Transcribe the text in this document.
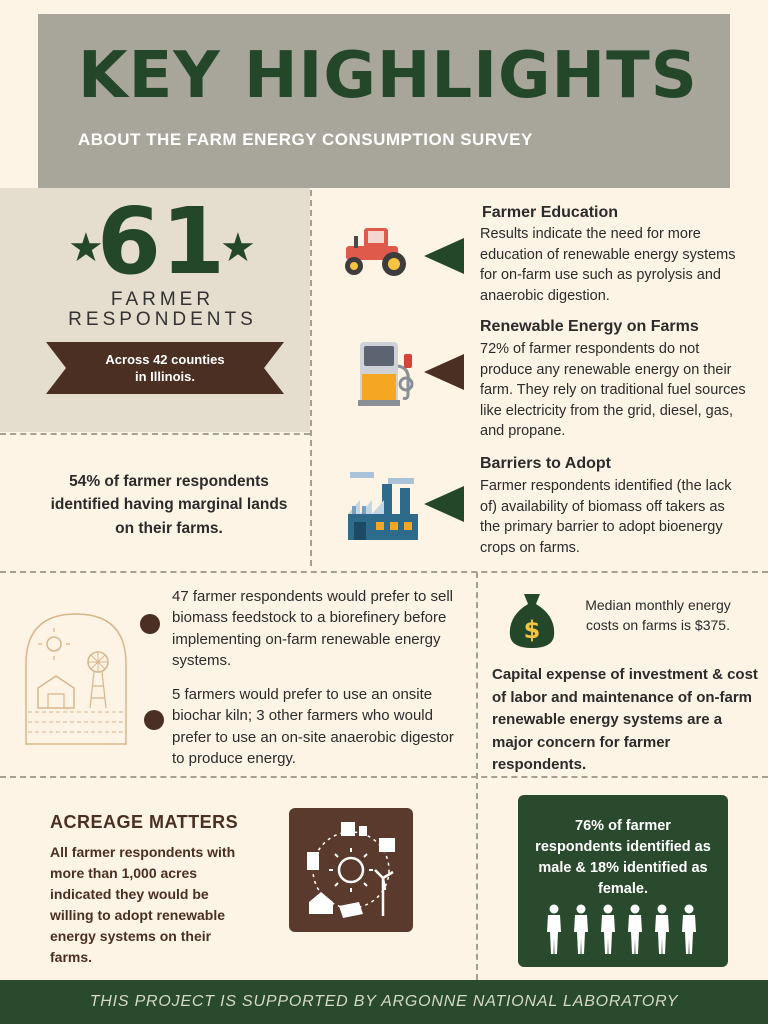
KEY HIGHLIGHTS
ABOUT THE FARM ENERGY CONSUMPTION SURVEY
★
61
★
FARMER
RESPONDENTS
Across 42 counties
in Illinois.
54% of farmer respondents identified having marginal lands on their farms.
Farmer Education
Results indicate the need for more education of renewable energy systems for on-farm use such as pyrolysis and anaerobic digestion.
Renewable Energy on Farms
72% of farmer respondents do not produce any renewable energy on their farm. They rely on traditional fuel sources like electricity from the grid, diesel, gas, and propane.
Barriers to Adopt
Farmer respondents identified (the lack of) availability of biomass off takers as the primary barrier to adopt bioenergy crops on farms.
47 farmer respondents would prefer to sell biomass feedstock to a biorefinery before implementing on-farm renewable energy systems.
5 farmers would prefer to use an onsite biochar kiln; 3 other farmers who would prefer to use an on-site anaerobic digestor to produce energy.
$
Median monthly energy costs on farms is $375.
Capital expense of investment & cost of labor and maintenance of on-farm renewable energy systems are a major concern for farmer respondents.
ACREAGE MATTERS
All farmer respondents with more than 1,000 acres indicated they would be willing to adopt renewable energy systems on their farms.
76% of farmer respondents identified as male & 18% identified as female.
THIS PROJECT IS SUPPORTED BY ARGONNE NATIONAL LABORATORY
